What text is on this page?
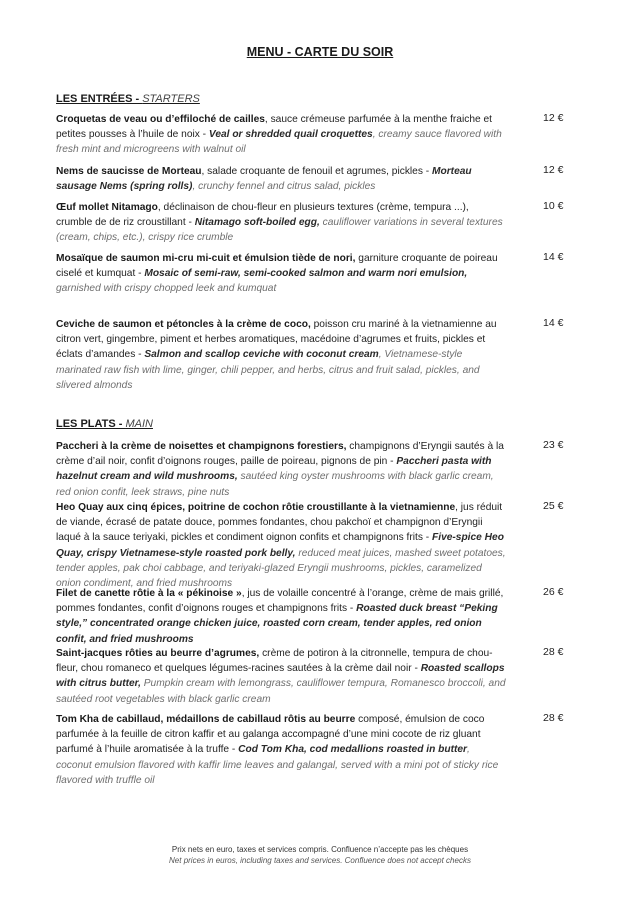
MENU - CARTE DU SOIR
LES ENTRÉES - STARTERS
Croquetas de veau ou d’effiloché de cailles, sauce crémeuse parfumée à la menthe fraiche et petites pousses à l’huile de noix - Veal or shredded quail croquettes, creamy sauce flavored with fresh mint and microgreens with walnut oil
12 €
Nems de saucisse de Morteau, salade croquante de fenouil et agrumes, pickles - Morteau sausage Nems (spring rolls), crunchy fennel and citrus salad, pickles
12 €
Œuf mollet Nitamago, déclinaison de chou-fleur en plusieurs textures (crème, tempura ...), crumble de de riz croustillant - Nitamago soft-boiled egg, cauliflower variations in several textures (cream, chips, etc.), crispy rice crumble
10 €
Mosaïque de saumon mi-cru mi-cuit et émulsion tiède de nori, garniture croquante de poireau ciselé et kumquat - Mosaic of semi-raw, semi-cooked salmon and warm nori emulsion, garnished with crispy chopped leek and kumquat
14 €
Ceviche de saumon et pétoncles à la crème de coco, poisson cru mariné à la vietnamienne au citron vert, gingembre, piment et herbes aromatiques, macédoine d’agrumes et fruits, pickles et éclats d’amandes - Salmon and scallop ceviche with coconut cream, Vietnamese-style marinated raw fish with lime, ginger, chili pepper, and herbs, citrus and fruit salad, pickles, and slivered almonds
14 €
LES PLATS - MAIN
Paccheri à la crème de noisettes et champignons forestiers, champignons d’Eryngii sautés à la crème d’ail noir, confit d’oignons rouges, paille de poireau, pignons de pin - Paccheri pasta with hazelnut cream and wild mushrooms, sautéed king oyster mushrooms with black garlic cream, red onion confit, leek straws, pine nuts
23 €
Heo Quay aux cinq épices, poitrine de cochon rôtie croustillante à la vietnamienne, jus réduit de viande, écrasé de patate douce, pommes fondantes, chou pakchoï et champignon d’Eryngii laqué à la sauce teriyaki, pickles et condiment oignon confits et champignons frits - Five-spice Heo Quay, crispy Vietnamese-style roasted pork belly, reduced meat juices, mashed sweet potatoes, tender apples, pak choi cabbage, and teriyaki-glazed Eryngii mushrooms, pickles, caramelized onion condiment, and fried mushrooms
25 €
Filet de canette rôtie à la « pékinoise », jus de volaille concentré à l’orange, crème de mais grillé, pommes fondantes, confit d’oignons rouges et champignons frits - Roasted duck breast “Peking style,” concentrated orange chicken juice, roasted corn cream, tender apples, red onion confit, and fried mushrooms
26 €
Saint-jacques rôties au beurre d’agrumes, crème de potiron à la citronnelle, tempura de chou-fleur, chou romaneco et quelques légumes-racines sautées à la crème dail noir - Roasted scallops with citrus butter, Pumpkin cream with lemongrass, cauliflower tempura, Romanesco broccoli, and sautéed root vegetables with black garlic cream
28 €
Tom Kha de cabillaud, médaillons de cabillaud rôtis au beurre composé, émulsion de coco parfumée à la feuille de citron kaffir et au galanga accompagné d’une mini cocote de riz gluant parfumé à l’huile aromatisée à la truffe - Cod Tom Kha, cod medallions roasted in butter, coconut emulsion flavored with kaffir lime leaves and galangal, served with a mini pot of sticky rice flavored with truffle oil
28 €
Prix nets en euro, taxes et services compris. Confluence n’accepte pas les chèques
Net prices in euros, including taxes and services. Confluence does not accept checks
